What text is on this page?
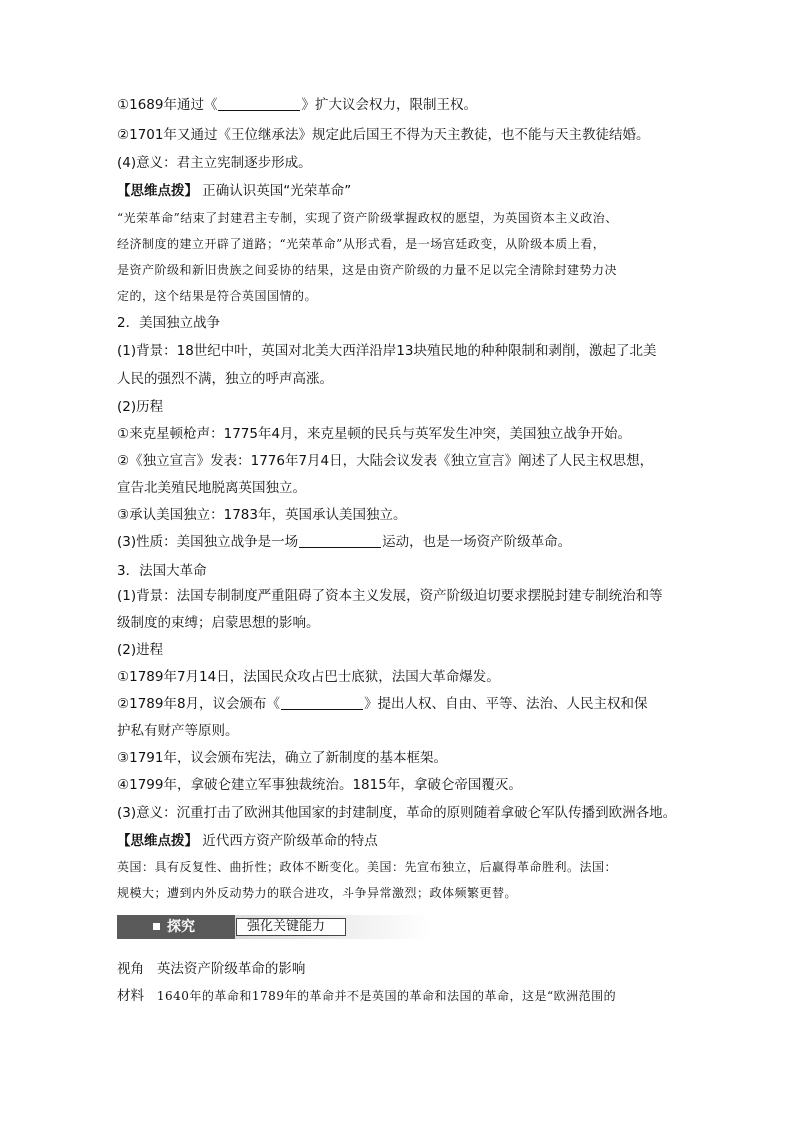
①1689年通过《	》扩大议会权力，限制王权。
②1701年又通过《王位继承法》规定此后国王不得为天主教徒，也不能与天主教徒结婚。
(4)意义：君主立宪制逐步形成。
【思维点拨】 正确认识英国“光荣革命”
“光荣革命”结束了封建君主专制，实现了资产阶级掌握政权的愿望，为英国资本主义政治、
经济制度的建立开辟了道路；“光荣革命”从形式看，是一场宫廷政变，从阶级本质上看，
是资产阶级和新旧贵族之间妥协的结果，这是由资产阶级的力量不足以完全清除封建势力决
定的，这个结果是符合英国国情的。
2．美国独立战争
(1)背景：18世纪中叶，英国对北美大西洋沿岸13块殖民地的种种限制和剥削，激起了北美
人民的强烈不满，独立的呼声高涨。
(2)历程
①来克星顿枪声：1775年4月，来克星顿的民兵与英军发生冲突，美国独立战争开始。
②《独立宣言》发表：1776年7月4日，大陆会议发表《独立宣言》阐述了人民主权思想，
宣告北美殖民地脱离英国独立。
③承认美国独立：1783年，英国承认美国独立。
(3)性质：美国独立战争是一场	运动，也是一场资产阶级革命。
3．法国大革命
(1)背景：法国专制制度严重阻碍了资本主义发展，资产阶级迫切要求摆脱封建专制统治和等
级制度的束缚；启蒙思想的影响。
(2)进程
①1789年7月14日，法国民众攻占巴士底狱，法国大革命爆发。
②1789年8月，议会颁布《	》提出人权、自由、平等、法治、人民主权和保
护私有财产等原则。
③1791年，议会颁布宪法，确立了新制度的基本框架。
④1799年，拿破仑建立军事独裁统治。1815年，拿破仑帝国覆灭。
(3)意义：沉重打击了欧洲其他国家的封建制度，革命的原则随着拿破仑军队传播到欧洲各地。
【思维点拨】 近代西方资产阶级革命的特点
英国：具有反复性、曲折性；政体不断变化。美国：先宣布独立，后赢得革命胜利。法国：
规模大；遭到内外反动势力的联合进攻，斗争异常激烈；政体频繁更替。
探究	强化关键能力
视角 英法资产阶级革命的影响
材料 1640年的革命和1789年的革命并不是英国的革命和法国的革命，这是“欧洲范围的
